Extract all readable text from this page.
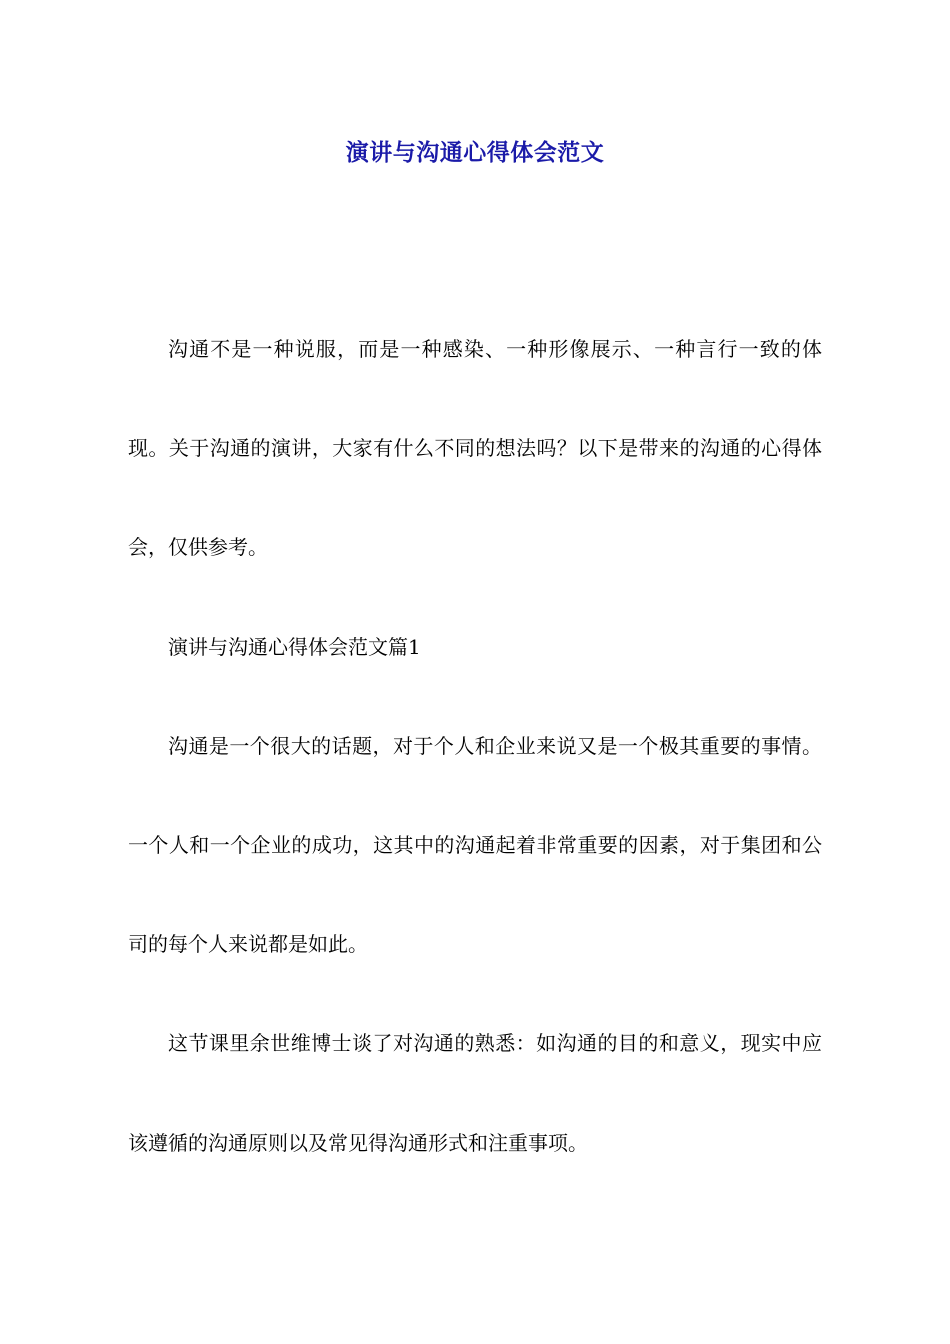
演讲与沟通心得体会范文

沟通不是一种说服，而是一种感染、一种形像展示、一种言行一致的体现。关于沟通的演讲，大家有什么不同的想法吗？以下是带来的沟通的心得体会，仅供参考。

演讲与沟通心得体会范文篇1

沟通是一个很大的话题，对于个人和企业来说又是一个极其重要的事情。一个人和一个企业的成功，这其中的沟通起着非常重要的因素，对于集团和公司的每个人来说都是如此。

这节课里余世维博士谈了对沟通的熟悉：如沟通的目的和意义，现实中应该遵循的沟通原则以及常见得沟通形式和注重事项。
